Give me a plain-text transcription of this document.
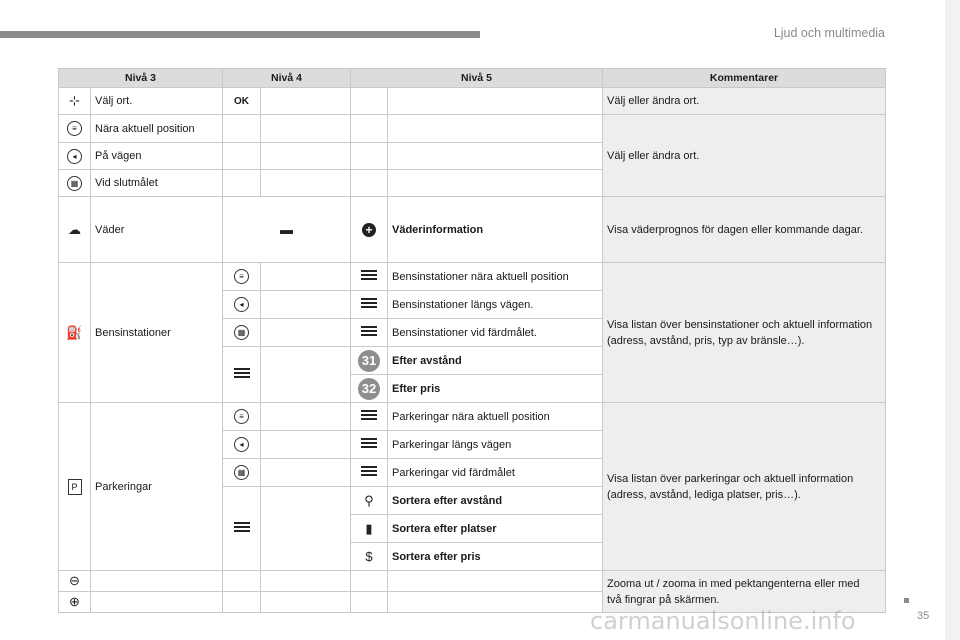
Ljud och multimedia
35
Nivå 3		Nivå 4		Nivå 5		Kommentarer
⊹	Välj ort.	OK				Välj eller ändra ort.
≡	Nära aktuell position					Välj eller ändra ort.
◂	På vägen					
▦	Vid slutmålet					
☁	Väder	▬		+	Väderinformation	Visa väderprognos för dagen eller kommande dagar.
⛽	Bensinstationer	≡			Bensinstationer nära aktuell position	Visa listan över bensinstationer och aktuell information (adress, avstånd, pris, typ av bränsle…).
		◂			Bensinstationer längs vägen.	
		▦			Bensinstationer vid färdmålet.	

				31	Efter avstånd	
				32	Efter pris	
P	Parkeringar	≡			Parkeringar nära aktuell position	Visa listan över parkeringar och aktuell information (adress, avstånd, lediga platser, pris…).
		◂			Parkeringar längs vägen	
		▦			Parkeringar vid färdmålet	

				⚲	Sortera efter avstånd	
				▮	Sortera efter platser	
				$	Sortera efter pris	
⊖						Zooma ut / zooma in med pektangenterna eller med två fingrar på skärmen.
⊕						
carmanualsonline.info
